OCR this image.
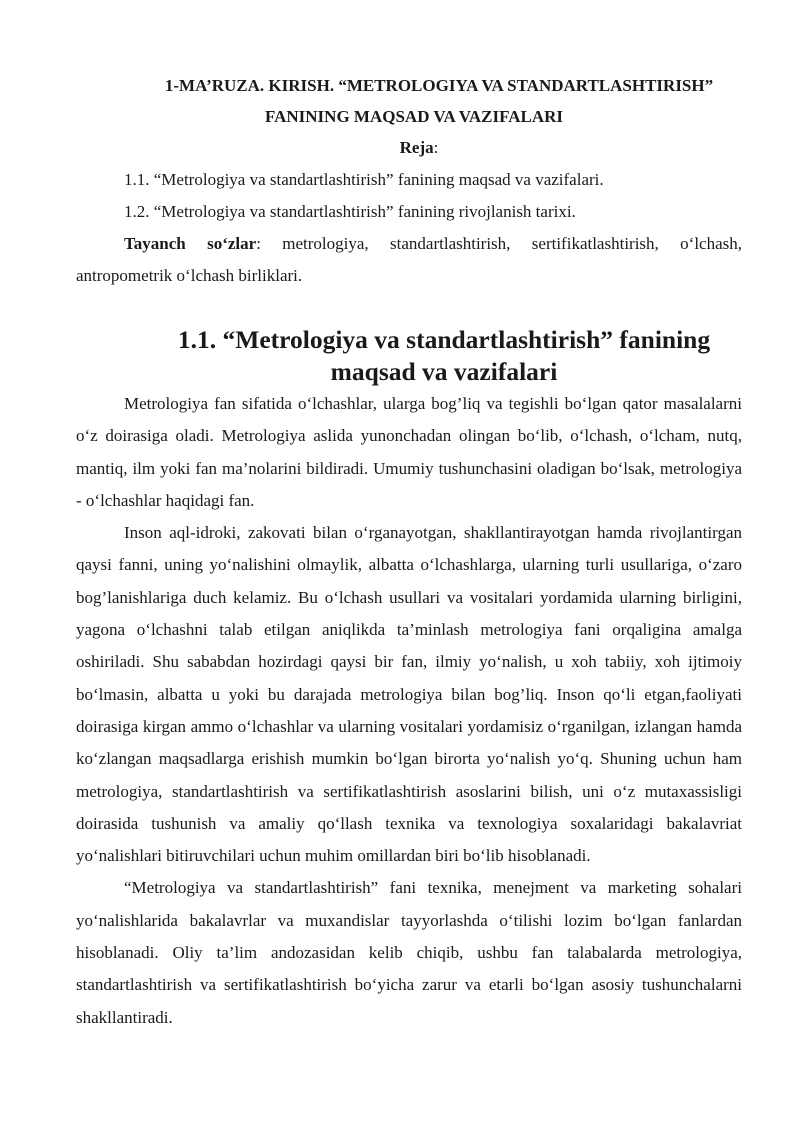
1-MA’RUZA. KIRISH. “METROLOGIYA VA STANDARTLASHTIRISH”
FANINING MAQSAD VA VAZIFALARI

Reja:

1.1. “Metrologiya va standartlashtirish” fanining maqsad va vazifalari.

1.2. “Metrologiya va standartlashtirish” fanining rivojlanish tarixi.

Tayanch so‘zlar: metrologiya, standartlashtirish, sertifikatlashtirish, o‘lchash, antropometrik o‘lchash birliklari.

1.1. “Metrologiya va standartlashtirish” fanining maqsad va vazifalari

Metrologiya fan sifatida o‘lchashlar, ularga bog’liq va tegishli bo‘lgan qator masalalarni o‘z doirasiga oladi. Metrologiya aslida yunonchadan olingan bo‘lib, o‘lchash, o‘lcham, nutq, mantiq, ilm yoki fan ma’nolarini bildiradi. Umumiy tushunchasini oladigan bo‘lsak, metrologiya - o‘lchashlar haqidagi fan.

Inson aql-idroki, zakovati bilan o‘rganayotgan, shakllantirayotgan hamda rivojlantirgan qaysi fanni, uning yo‘nalishini olmaylik, albatta o‘lchashlarga, ularning turli usullariga, o‘zaro bog’lanishlariga duch kelamiz. Bu o‘lchash usullari va vositalari yordamida ularning birligini, yagona o‘lchashni talab etilgan aniqlikda ta’minlash metrologiya fani orqaligina amalga oshiriladi. Shu sababdan hozirdagi qaysi bir fan, ilmiy yo‘nalish, u xoh tabiiy, xoh ijtimoiy bo‘lmasin, albatta u yoki bu darajada metrologiya bilan bog’liq. Inson qo‘li etgan,faoliyati doirasiga kirgan ammo o‘lchashlar va ularning vositalari yordamisiz o‘rganilgan, izlangan hamda ko‘zlangan maqsadlarga erishish mumkin bo‘lgan birorta yo‘nalish yo‘q. Shuning uchun ham metrologiya, standartlashtirish va sertifikatlashtirish asoslarini bilish, uni o‘z mutaxassisligi doirasida tushunish va amaliy qo‘llash texnika va texnologiya soxalaridagi bakalavriat yo‘nalishlari bitiruvchilari uchun muhim omillardan biri bo‘lib hisoblanadi.

“Metrologiya va standartlashtirish” fani texnika, menejment va marketing sohalari yo‘nalishlarida bakalavrlar va muxandislar tayyorlashda o‘tilishi lozim bo‘lgan fanlardan hisoblanadi. Oliy ta’lim andozasidan kelib chiqib, ushbu fan talabalarda metrologiya, standartlashtirish va sertifikatlashtirish bo‘yicha zarur va etarli bo‘lgan asosiy tushunchalarni shakllantiradi.
